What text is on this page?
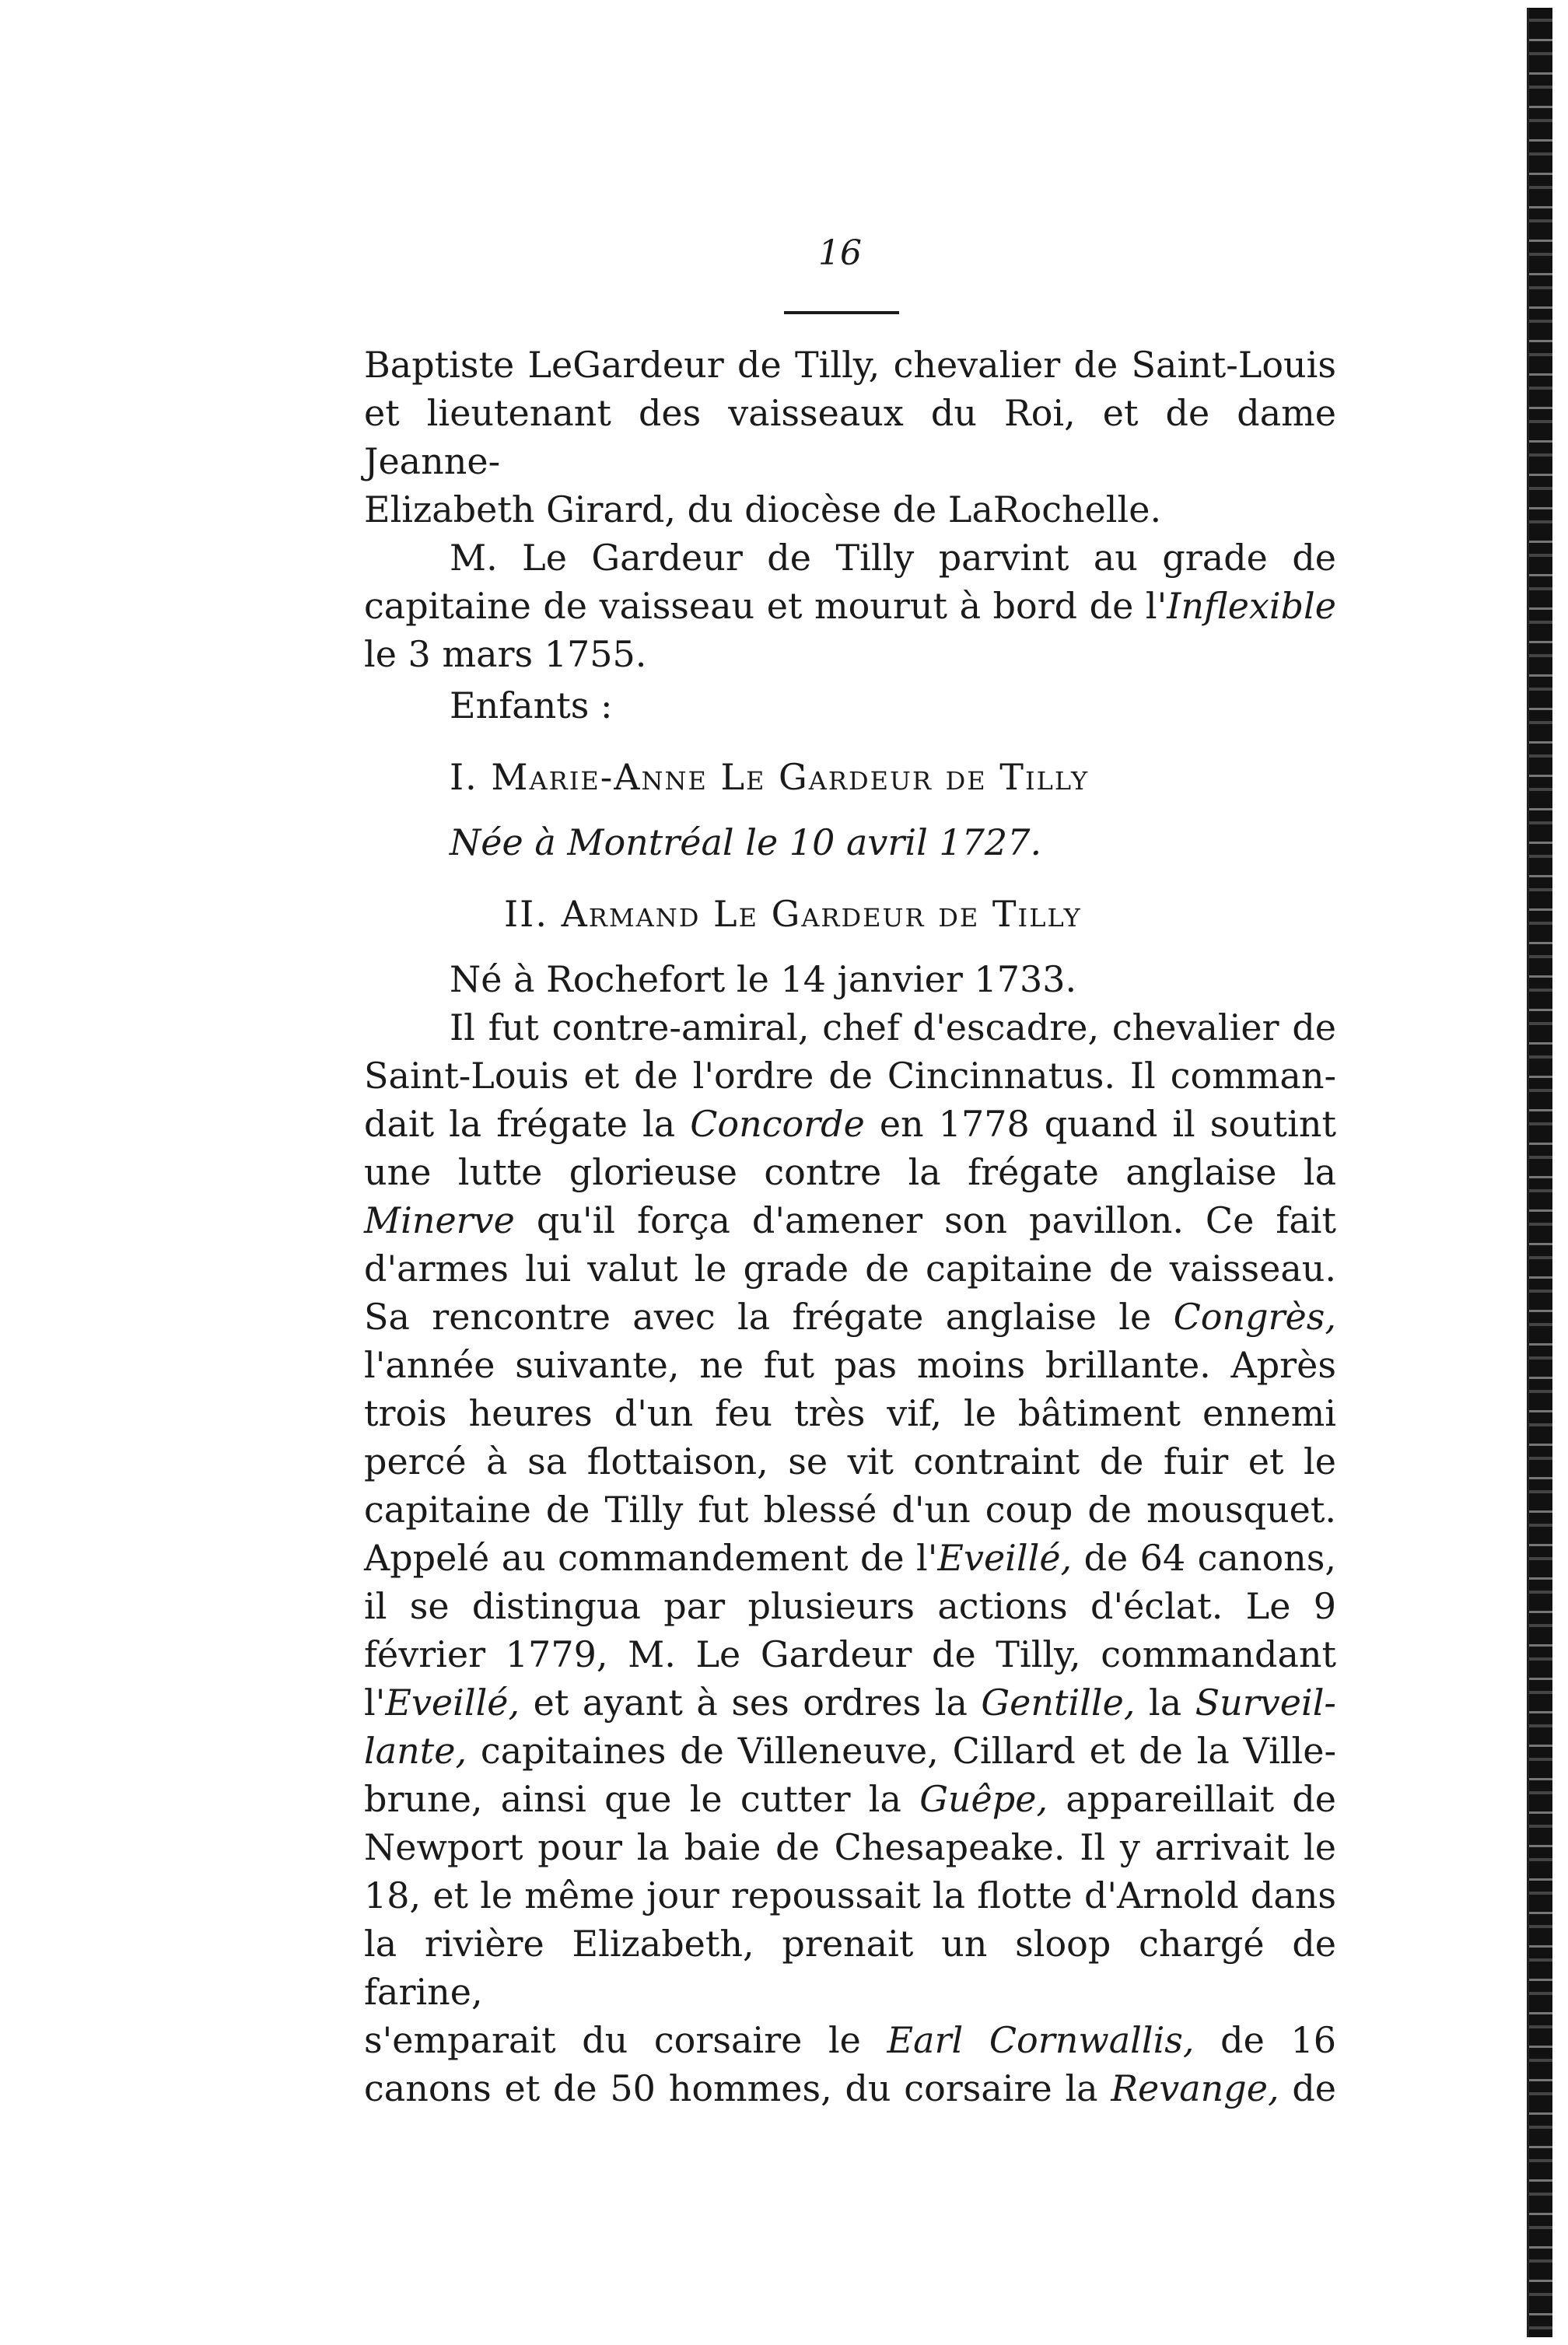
16
Baptiste LeGardeur de Tilly, chevalier de Saint-Louis
et lieutenant des vaisseaux du Roi, et de dame Jeanne-
Elizabeth Girard, du diocèse de LaRochelle.
M. Le Gardeur de Tilly parvint au grade de
capitaine de vaisseau et mourut à bord de l'Inflexible
le 3 mars 1755.
Enfants :
I. Marie-Anne Le Gardeur de Tilly
Née à Montréal le 10 avril 1727.
II. Armand Le Gardeur de Tilly
Né à Rochefort le 14 janvier 1733.
Il fut contre-amiral, chef d'escadre, chevalier de
Saint-Louis et de l'ordre de Cincinnatus. Il comman-
dait la frégate la Concorde en 1778 quand il soutint
une lutte glorieuse contre la frégate anglaise la
Minerve qu'il força d'amener son pavillon. Ce fait
d'armes lui valut le grade de capitaine de vaisseau.
Sa rencontre avec la frégate anglaise le Congrès,
l'année suivante, ne fut pas moins brillante. Après
trois heures d'un feu très vif, le bâtiment ennemi
percé à sa flottaison, se vit contraint de fuir et le
capitaine de Tilly fut blessé d'un coup de mousquet.
Appelé au commandement de l'Eveillé, de 64 canons,
il se distingua par plusieurs actions d'éclat. Le 9
février 1779, M. Le Gardeur de Tilly, commandant
l'Eveillé, et ayant à ses ordres la Gentille, la Surveil-
lante, capitaines de Villeneuve, Cillard et de la Ville-
brune, ainsi que le cutter la Guêpe, appareillait de
Newport pour la baie de Chesapeake. Il y arrivait le
18, et le même jour repoussait la flotte d'Arnold dans
la rivière Elizabeth, prenait un sloop chargé de farine,
s'emparait du corsaire le Earl Cornwallis, de 16
canons et de 50 hommes, du corsaire la Revange, de
